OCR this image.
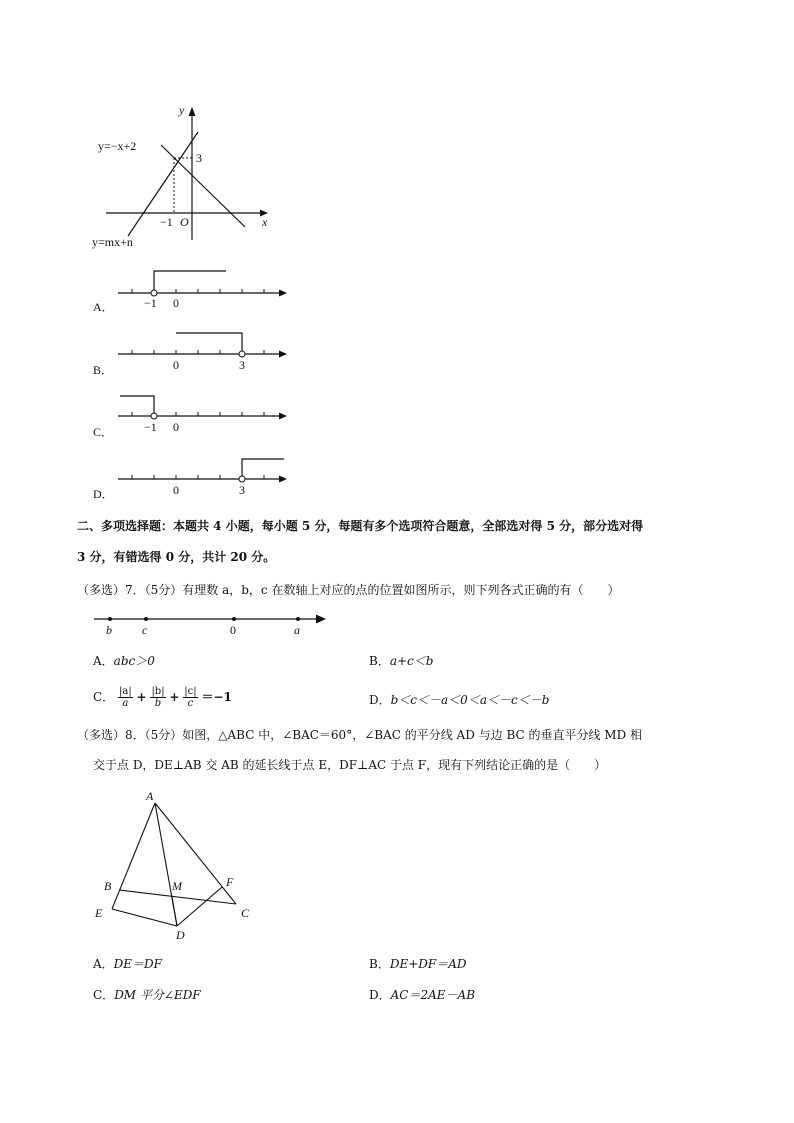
y
x
O
y=−x+2
y=mx+n
−1
3
A．	−1 0
B．	0	3
C．	−1 0
D．	0	3
二、多项选择题：本题共 4 小题，每小题 5 分，每题有多个选项符合题意，全部选对得 5 分，部分选对得
3 分，有错选得 0 分，共计 20 分。
（多选）7．（5分）有理数 a，b，c 在数轴上对应的点的位置如图所示，则下列各式正确的有（　　）
b	c	0	a
A．abc＞0	B．a+c＜b
C． $\frac{|a|}{a} + \frac{|b|}{b} + \frac{|c|}{c} =-1$	D．b＜c＜－a＜0＜a＜－c＜－b
（多选）8．（5分）如图，△ABC 中，∠BAC＝60°，∠BAC 的平分线 AD 与边 BC 的垂直平分线 MD 相
交于点 D，DE⊥AB 交 AB 的延长线于点 E，DF⊥AC 于点 F，现有下列结论正确的是（　　）
A
B	M	F
E	C
D
A．DE＝DF	B．DE+DF＝AD
C．DM 平分∠EDF	D．AC＝2AE－AB
